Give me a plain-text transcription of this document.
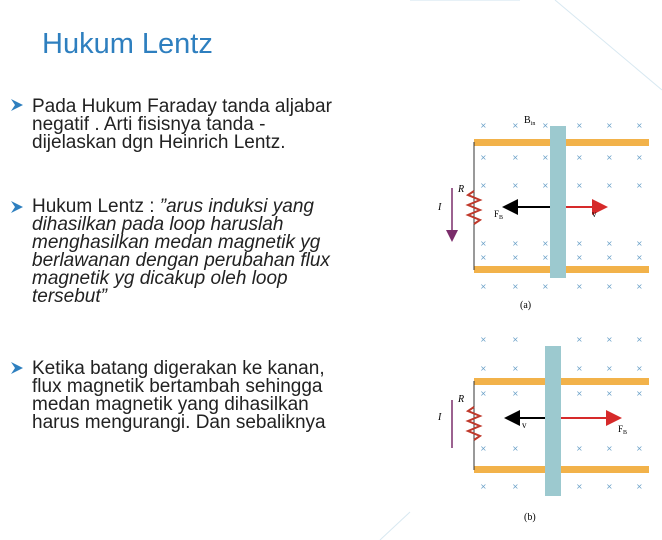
Hukum Lentz
Pada Hukum Faraday tanda aljabar
negatif . Arti fisisnya tanda -
dijelaskan dgn Heinrich Lentz.
Hukum Lentz : ”arus induksi yang
dihasilkan pada loop haruslah
menghasilkan medan magnetik yg
berlawanan dengan perubahan flux
magnetik yg dicakup oleh loop
tersebut”
Ketika batang digerakan ke kanan,
flux magnetik bertambah sehingga
medan magnetik yang dihasilkan
harus mengurangi. Dan sebaliknya
×	×	×	×	×	×
×	×	×	×	×	×
×	×	×	×	×	×
×	×	×	×	×	×
×	×	×	×	×	×
×	×	×	×	×	×
$B_{in}$
R
I
$F_B$	v
(a)
×	×	×	×	×
×	×	×	×	×
×	×	×	×	×
×	×	×	×	×
×	×	×	×	×
R
I
v	$F_B$
(b)
